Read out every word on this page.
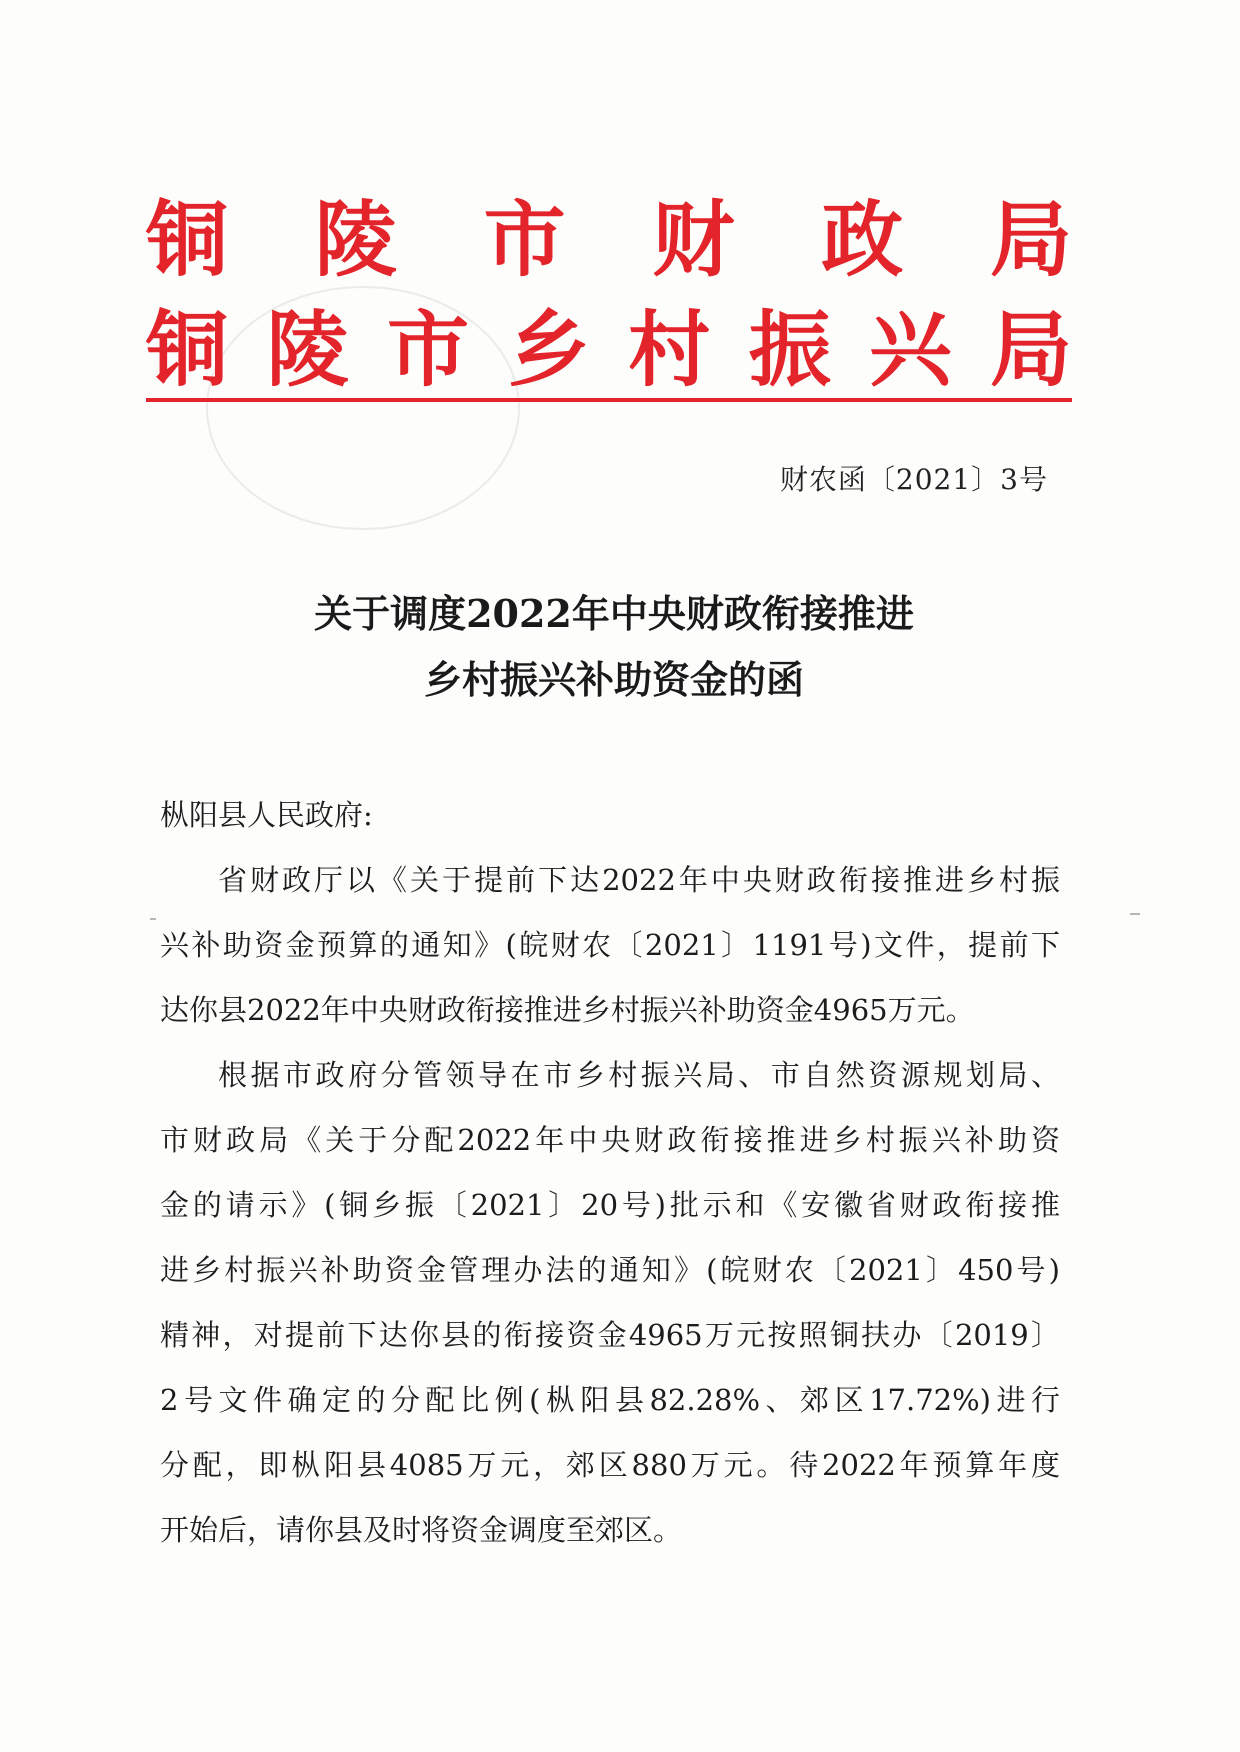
铜 陵 市 财 政 局
铜 陵 市 乡 村 振 兴 局
财农函〔2021〕3号
关于调度2022年中央财政衔接推进
乡村振兴补助资金的函
枞阳县人民政府:
省财政厅以《关于提前下达2022年中央财政衔接推进乡村振
兴补助资金预算的通知》(皖财农〔2021〕1191号)文件，提前下
达你县2022年中央财政衔接推进乡村振兴补助资金4965万元。
根据市政府分管领导在市乡村振兴局、市自然资源规划局、
市财政局《关于分配2022年中央财政衔接推进乡村振兴补助资
金的请示》(铜乡振〔2021〕20号)批示和《安徽省财政衔接推
进乡村振兴补助资金管理办法的通知》(皖财农〔2021〕450号)
精神，对提前下达你县的衔接资金4965万元按照铜扶办〔2019〕
2号文件确定的分配比例(枞阳县82.28%、郊区17.72%)进行
分配，即枞阳县4085万元，郊区880万元。待2022年预算年度
开始后，请你县及时将资金调度至郊区。
